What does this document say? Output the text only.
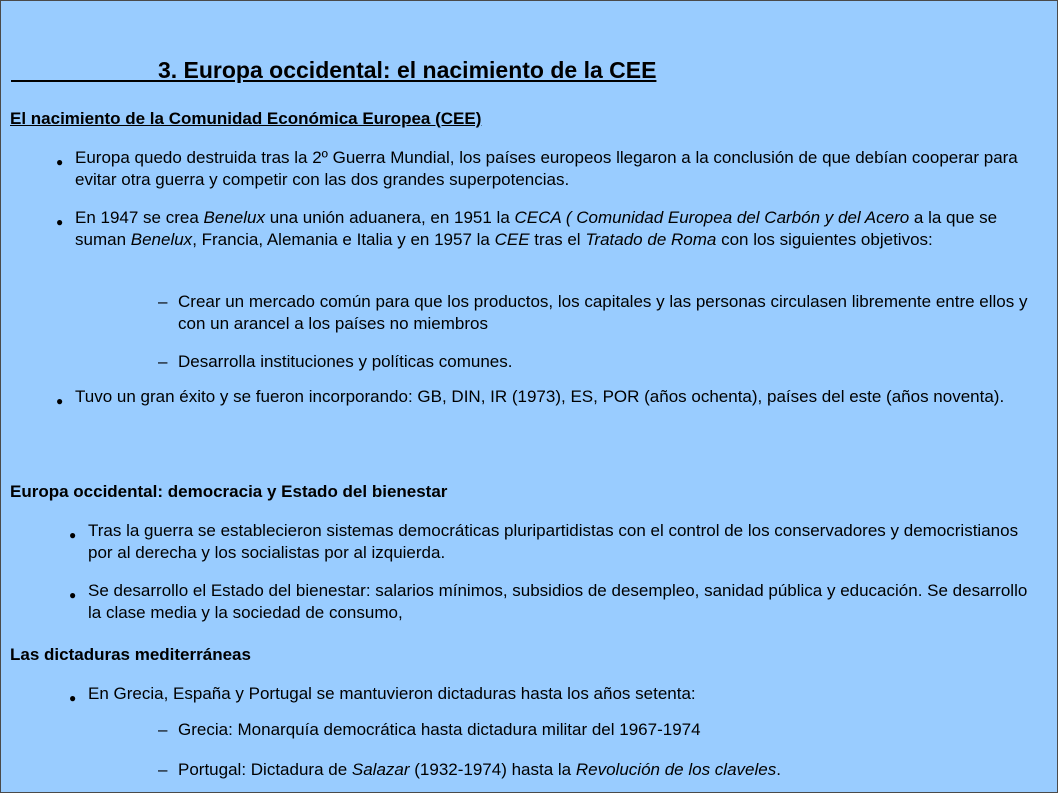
3. Europa occidental: el nacimiento de la CEE
El nacimiento de la Comunidad Económica Europea (CEE)
● Europa quedo destruida tras la 2º Guerra Mundial, los países europeos llegaron a la conclusión de que debían cooperar para evitar otra guerra y competir con las dos grandes superpotencias.
● En 1947 se crea Benelux una unión aduanera, en 1951 la CECA ( Comunidad Europea del Carbón y del Acero a la que se suman Benelux, Francia, Alemania e Italia y en 1957 la CEE tras el Tratado de Roma con los siguientes objetivos:
– Crear un mercado común para que los productos, los capitales y las personas circulasen libremente entre ellos y con un arancel a los países no miembros
– Desarrolla instituciones y políticas comunes.
● Tuvo un gran éxito y se fueron incorporando: GB, DIN, IR (1973), ES, POR (años ochenta), países del este (años noventa).
Europa occidental: democracia y Estado del bienestar
● Tras la guerra se establecieron sistemas democráticas pluripartidistas con el control de los conservadores y democristianos por al derecha y los socialistas por al izquierda.
● Se desarrollo el Estado del bienestar: salarios mínimos, subsidios de desempleo, sanidad pública y educación. Se desarrollo la clase media y la sociedad de consumo,
Las dictaduras mediterráneas
● En Grecia, España y Portugal se mantuvieron dictaduras hasta los años setenta:
– Grecia: Monarquía democrática hasta dictadura militar del 1967-1974
– Portugal: Dictadura de Salazar (1932-1974) hasta la Revolución de los claveles.
